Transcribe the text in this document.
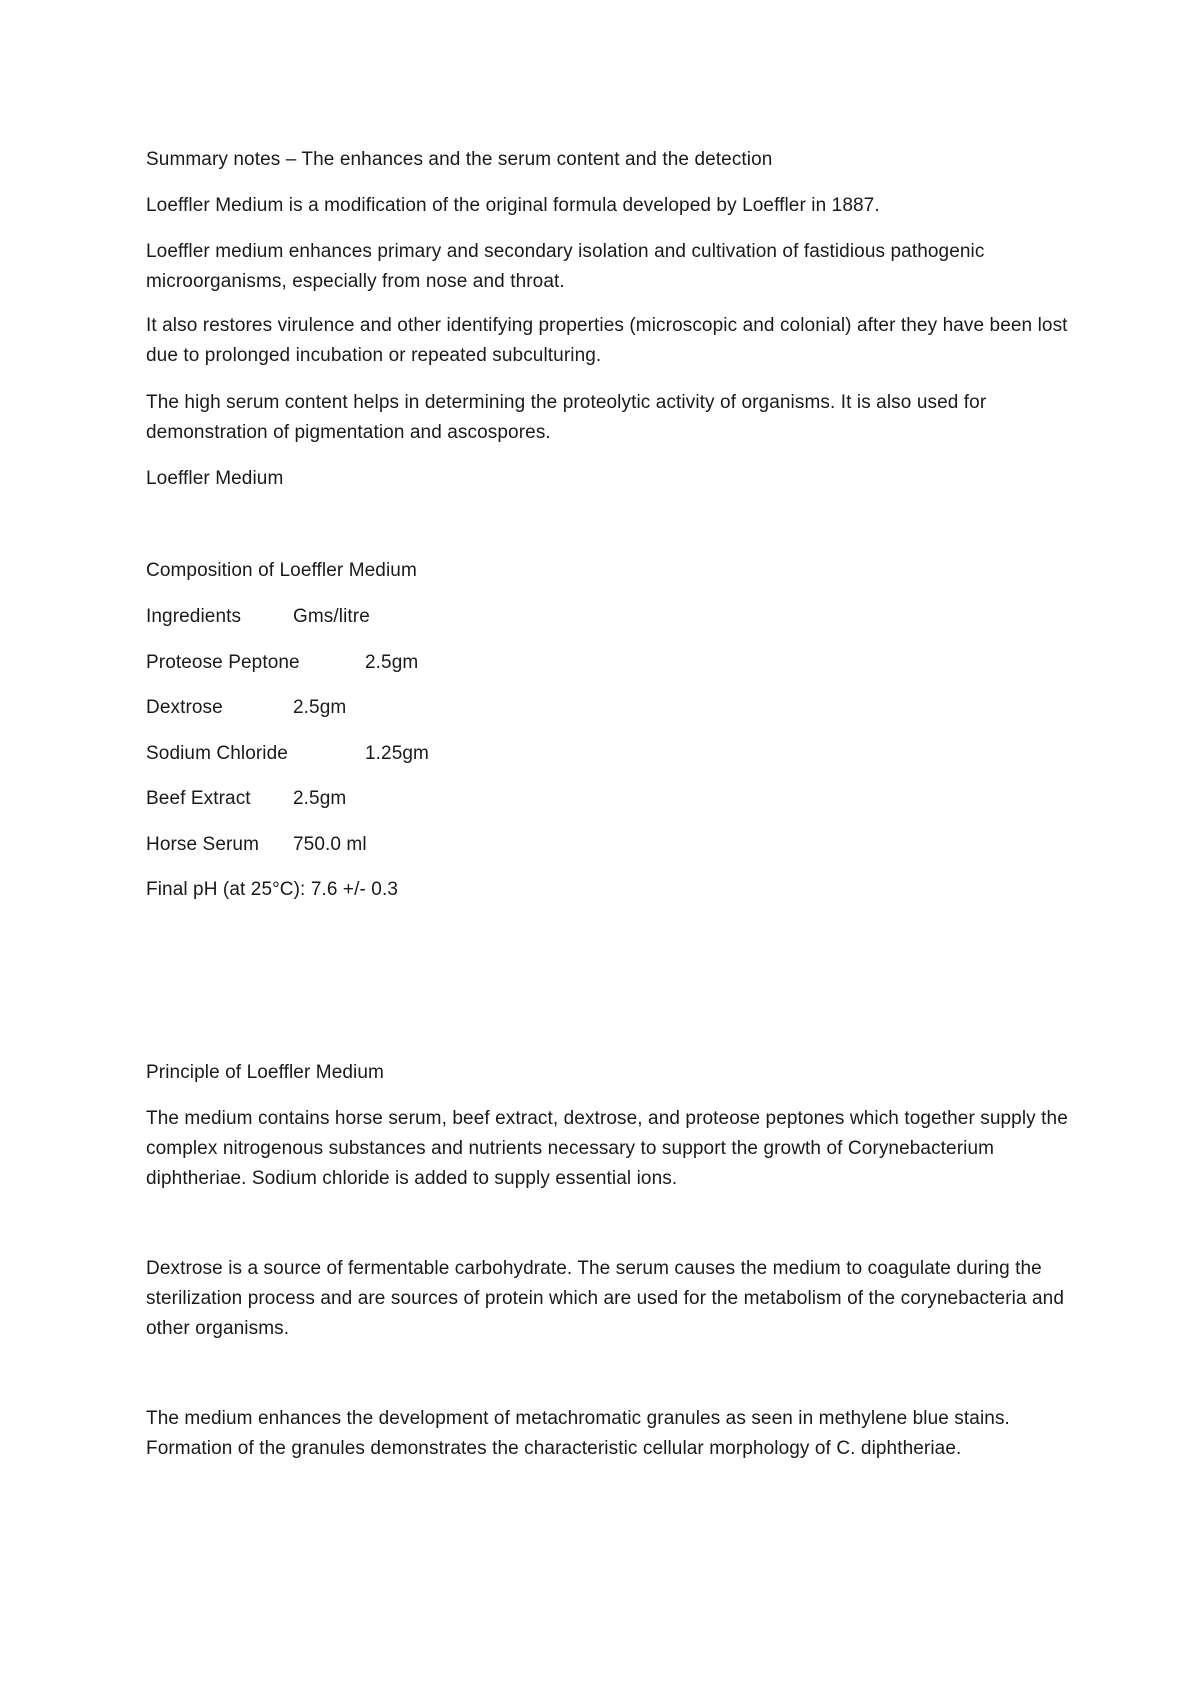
Summary notes – The enhances and the serum content and the detection
Loeffler Medium is a modification of the original formula developed by Loeffler in 1887.
Loeffler medium enhances primary and secondary isolation and cultivation of fastidious pathogenic microorganisms, especially from nose and throat.
It also restores virulence and other identifying properties (microscopic and colonial) after they have been lost due to prolonged incubation or repeated subculturing.
The high serum content helps in determining the proteolytic activity of organisms. It is also used for demonstration of pigmentation and ascospores.
Loeffler Medium
Composition of Loeffler Medium
Ingredients	Gms/litre
Proteose Peptone	2.5gm
Dextrose	2.5gm
Sodium Chloride	1.25gm
Beef Extract 2.5gm
Horse Serum 750.0 ml
Final pH (at 25°C): 7.6 +/- 0.3
Principle of Loeffler Medium
The medium contains horse serum, beef extract, dextrose, and proteose peptones which together supply the complex nitrogenous substances and nutrients necessary to support the growth of Corynebacterium diphtheriae. Sodium chloride is added to supply essential ions.
Dextrose is a source of fermentable carbohydrate. The serum causes the medium to coagulate during the sterilization process and are sources of protein which are used for the metabolism of the corynebacteria and other organisms.
The medium enhances the development of metachromatic granules as seen in methylene blue stains. Formation of the granules demonstrates the characteristic cellular morphology of C. diphtheriae.
